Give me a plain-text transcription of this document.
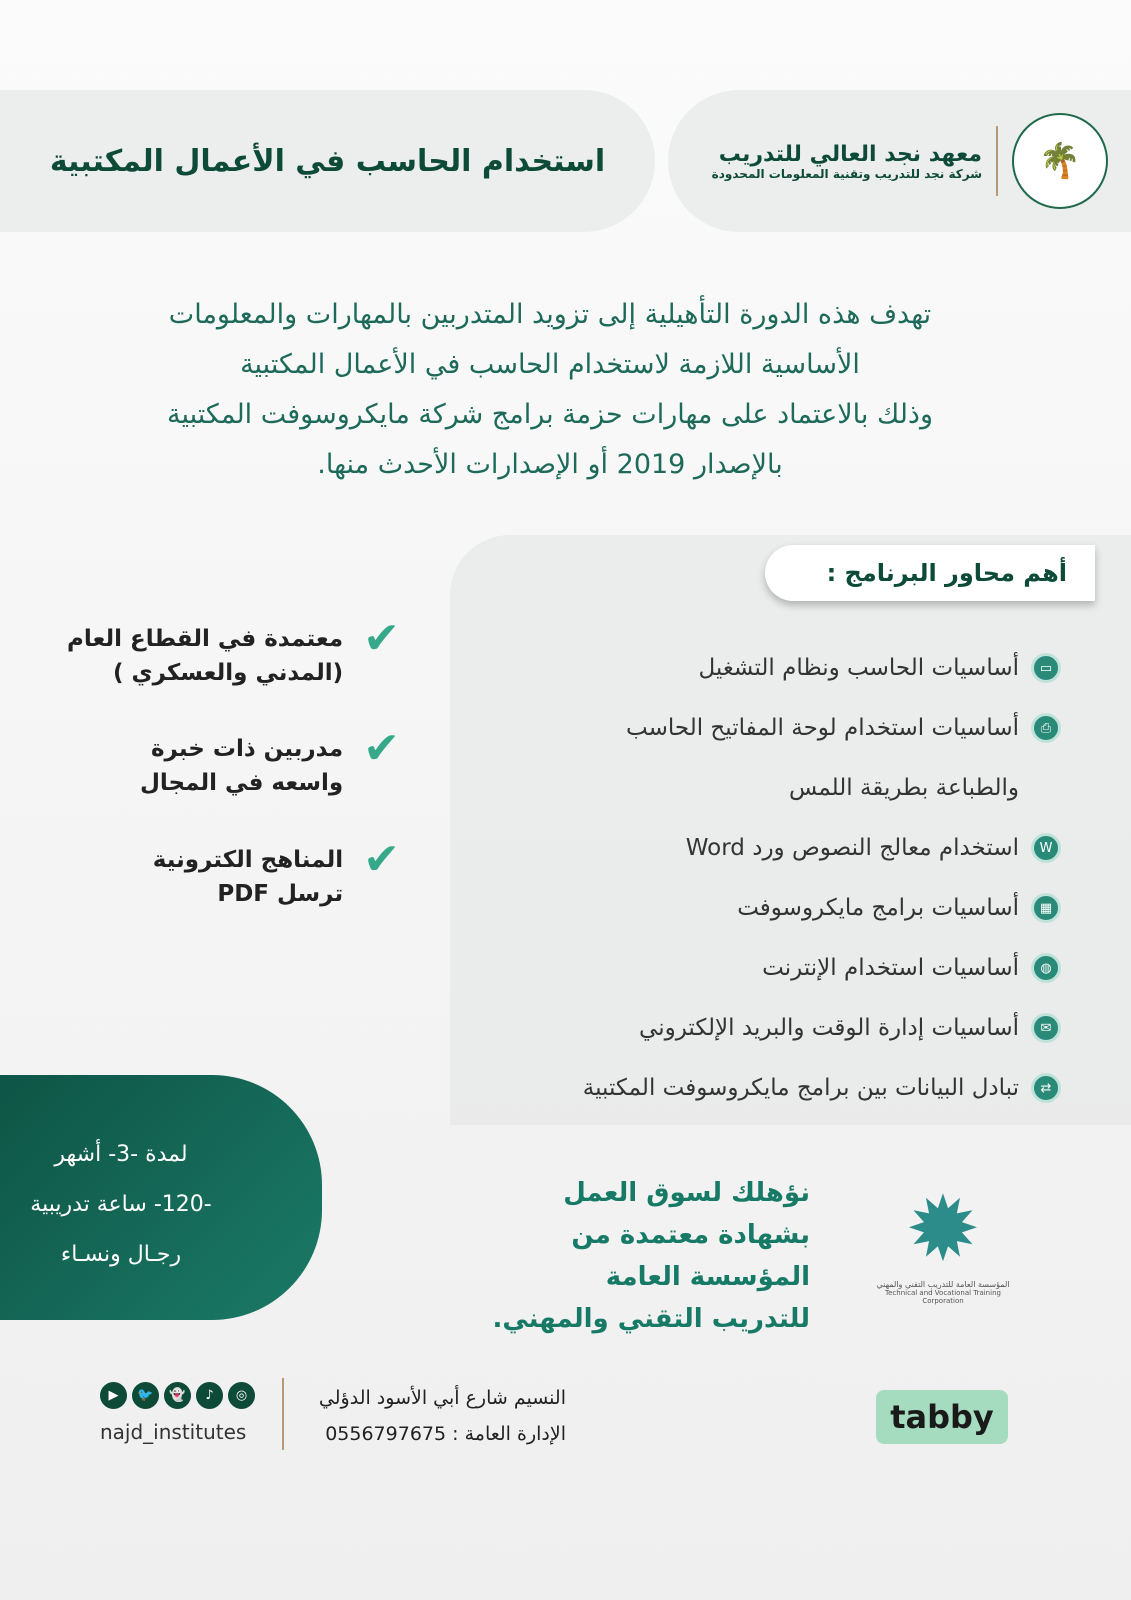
استخدام الحاسب في الأعمال المكتبية	🌴
معهد نجد العالي للتدريب
شركة نجد للتدريب وتقنية المعلومات المحدودة
تهدف هذه الدورة التأهيلية إلى تزويد المتدربين بالمهارات والمعلومات
الأساسية اللازمة لاستخدام الحاسب في الأعمال المكتبية
وذلك بالاعتماد على مهارات حزمة برامج شركة مايكروسوفت المكتبية
بالإصدار 2019 أو الإصدارات الأحدث منها.
أهم محاور البرنامج :
▭
أساسيات الحاسب ونظام التشغيل
⎙
أساسيات استخدام لوحة المفاتيح الحاسب
والطباعة بطريقة اللمس
W
استخدام معالج النصوص ورد Word
▦
أساسيات برامج مايكروسوفت
◍
أساسيات استخدام الإنترنت
✉
أساسيات إدارة الوقت والبريد الإلكتروني
⇄
تبادل البيانات بين برامج مايكروسوفت المكتبية
✔
معتمدة في القطاع العام
(المدني والعسكري )
✔
مدربين ذات خبرة
واسعه في المجال
✔
المناهج الكترونية
ترسل PDF
لمدة -3- أشهر
-120- ساعة تدريبية
رجـال ونسـاء
نؤهلك لسوق العمل
بشهادة معتمدة من المؤسسة العامة
للتدريب التقني والمهني.
✹
المؤسسة العامة للتدريب التقني والمهني
Technical and Vocational Training Corporation
▶	🐦	👻	♪	◎
najd_institutes
النسيم شارع أبي الأسود الدؤلي
الإدارة العامة : 0556797675	tabby
